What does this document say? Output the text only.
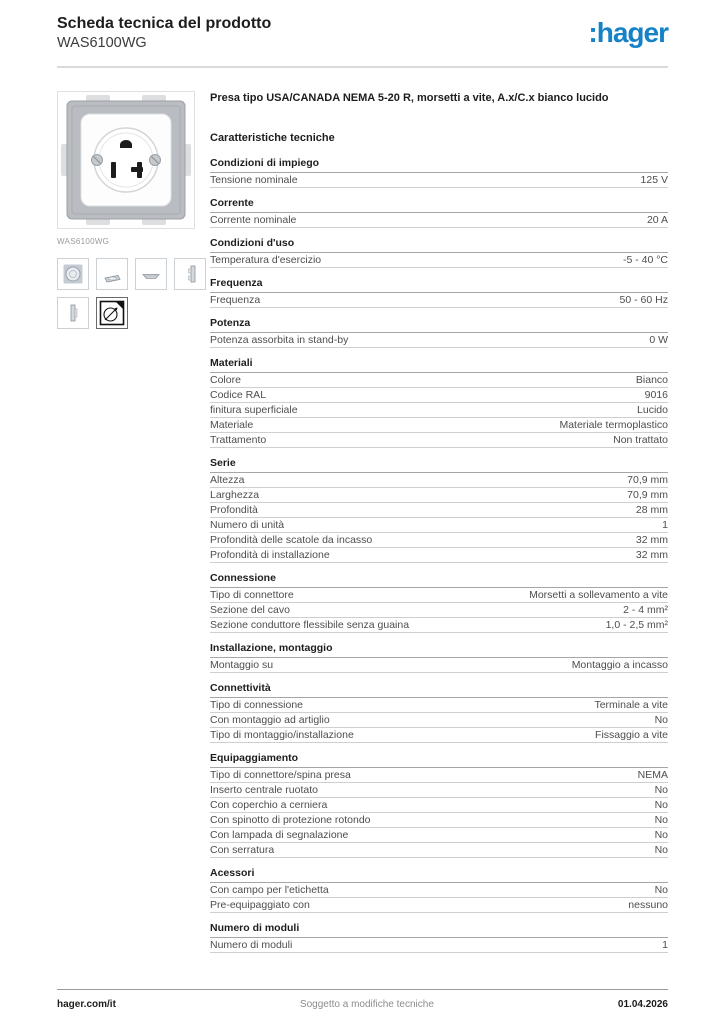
Scheda tecnica del prodotto
WAS6100WG	:hager
WAS6100WG
Presa tipo USA/CANADA NEMA 5-20 R, morsetti a vite, A.x/C.x bianco lucido
Caratteristiche tecniche
Condizioni di impiego
Tensione nominale	125 V
Corrente
Corrente nominale	20 A
Condizioni d'uso
Temperatura d'esercizio	-5 - 40 °C
Frequenza
Frequenza	50 - 60 Hz
Potenza
Potenza assorbita in stand-by	0 W
Materiali
Colore	Bianco
Codice RAL	9016
finitura superficiale	Lucido
Materiale	Materiale termoplastico
Trattamento	Non trattato
Serie
Altezza	70,9 mm
Larghezza	70,9 mm
Profondità	28 mm
Numero di unità	1
Profondità delle scatole da incasso	32 mm
Profondità di installazione	32 mm
Connessione
Tipo di connettore	Morsetti a sollevamento a vite
Sezione del cavo	2 - 4 mm²
Sezione conduttore flessibile senza guaina	1,0 - 2,5 mm²
Installazione, montaggio
Montaggio su	Montaggio a incasso
Connettività
Tipo di connessione	Terminale a vite
Con montaggio ad artiglio	No
Tipo di montaggio/installazione	Fissaggio a vite
Equipaggiamento
Tipo di connettore/spina presa	NEMA
Inserto centrale ruotato	No
Con coperchio a cerniera	No
Con spinotto di protezione rotondo	No
Con lampada di segnalazione	No
Con serratura	No
Acessori
Con campo per l'etichetta	No
Pre-equipaggiato con	nessuno
Numero di moduli
Numero di moduli	1
hager.com/it	Soggetto a modifiche tecniche	01.04.2026
